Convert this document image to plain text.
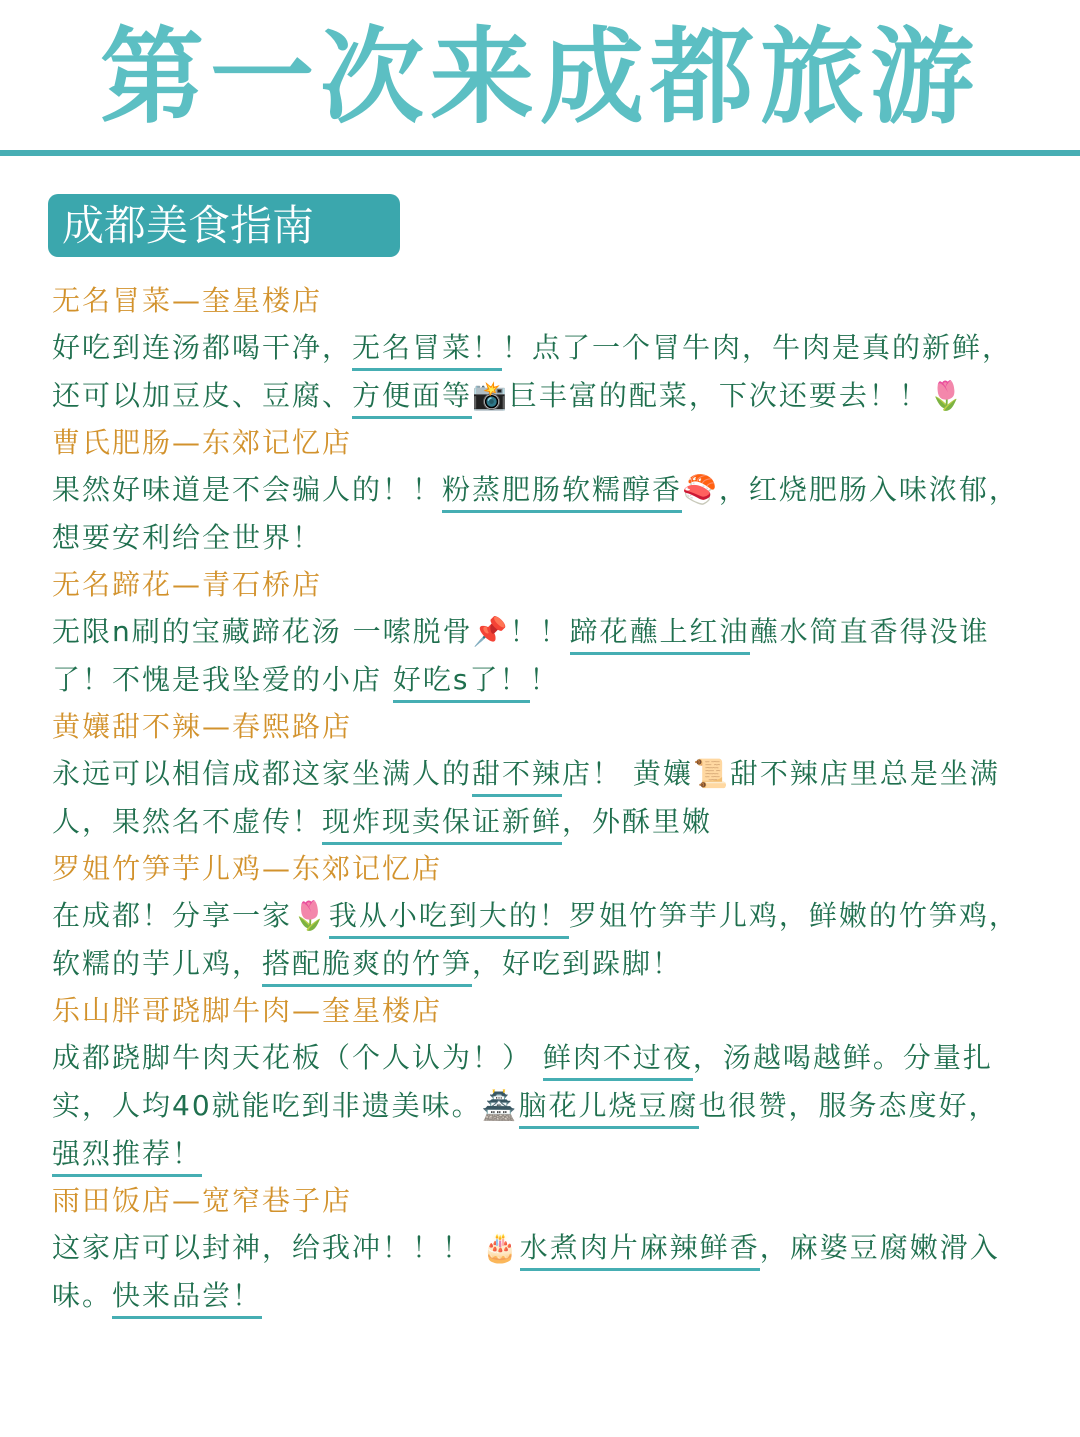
第一次来成都旅游
成都美食指南
无名冒菜—奎星楼店
好吃到连汤都喝干净，无名冒菜！！点了一个冒牛肉，牛肉是真的新鲜，还可以加豆皮、豆腐、方便面等📸巨丰富的配菜，下次还要去！！🌷
曹氏肥肠—东郊记忆店
果然好味道是不会骗人的！！粉蒸肥肠软糯醇香🍣，红烧肥肠入味浓郁，想要安利给全世界！
无名蹄花—青石桥店
无限n刷的宝藏蹄花汤 一嗦脱骨📌！！蹄花蘸上红油蘸水简直香得没谁了！不愧是我坠爱的小店 好吃s了！！
黄孃甜不辣—春熙路店
永远可以相信成都这家坐满人的甜不辣店！ 黄孃📜甜不辣店里总是坐满人，果然名不虚传！现炸现卖保证新鲜，外酥里嫩
罗姐竹笋芋儿鸡—东郊记忆店
在成都！分享一家🌷我从小吃到大的！罗姐竹笋芋儿鸡，鲜嫩的竹笋鸡，软糯的芋儿鸡，搭配脆爽的竹笋，好吃到跺脚！
乐山胖哥跷脚牛肉—奎星楼店
成都跷脚牛肉天花板（个人认为！） 鲜肉不过夜，汤越喝越鲜。分量扎实，人均40就能吃到非遗美味。🏯脑花儿烧豆腐也很赞，服务态度好，强烈推荐！
雨田饭店—宽窄巷子店
这家店可以封神，给我冲！！！ 🎂水煮肉片麻辣鲜香，麻婆豆腐嫩滑入味。快来品尝！
